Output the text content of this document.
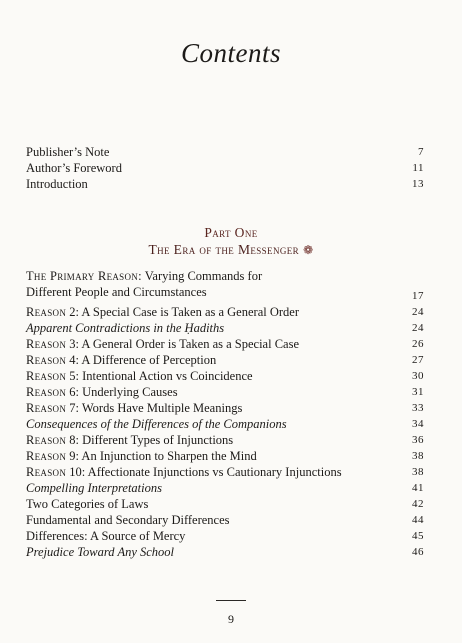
Contents
Publisher’s Note	7
Author’s Foreword	11
Introduction	13
Part One
The Era of the Messenger ❁
The Primary Reason: Varying Commands for
Different People and Circumstances	17
Reason 2: A Special Case is Taken as a General Order	24
Apparent Contradictions in the Ḥadiths	24
Reason 3: A General Order is Taken as a Special Case	26
Reason 4: A Difference of Perception	27
Reason 5: Intentional Action vs Coincidence	30
Reason 6: Underlying Causes	31
Reason 7: Words Have Multiple Meanings	33
Consequences of the Differences of the Companions	34
Reason 8: Different Types of Injunctions	36
Reason 9: An Injunction to Sharpen the Mind	38
Reason 10: Affectionate Injunctions vs Cautionary Injunctions	38
Compelling Interpretations	41
Two Categories of Laws	42
Fundamental and Secondary Differences	44
Differences: A Source of Mercy	45
Prejudice Toward Any School	46
9
